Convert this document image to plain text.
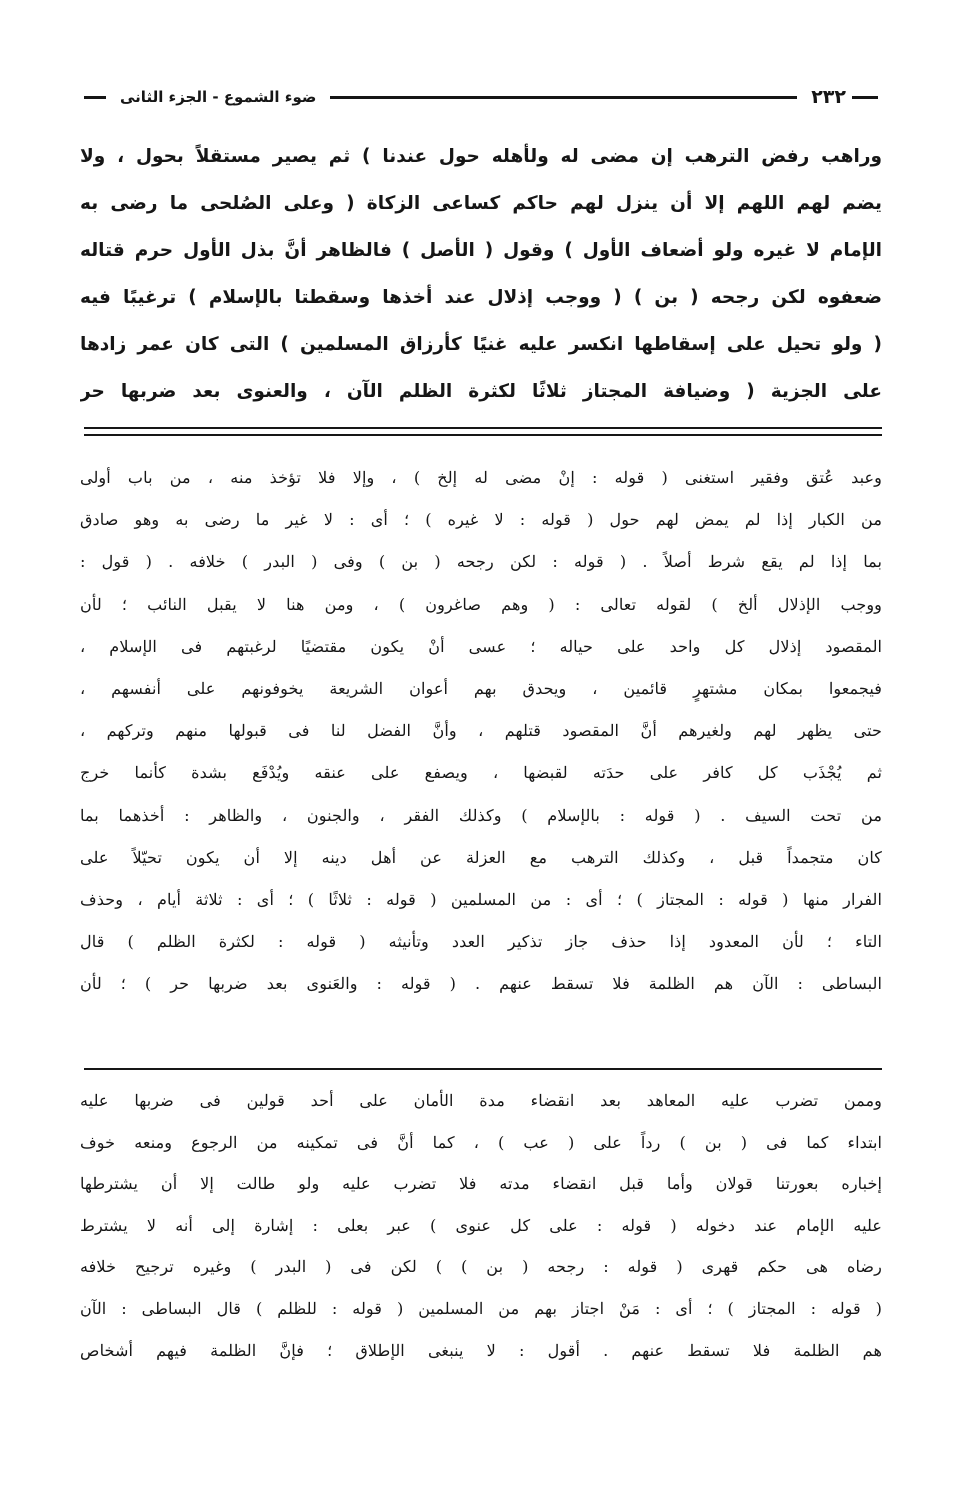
٢٣٢
ضوء الشموع - الجزء الثانى

وراهب رفض الترهب إن مضى له ولأهله حول عندنا ) ثم يصير مستقلاً بحول ، ولا

يضم لهم اللهم إلا أن ينزل لهم حاكم كساعى الزكاة ( وعلى الصُلحى ما رضى به

الإمام لا غيره ولو أضعاف الأول ) وقول ( الأصل ) فالظاهر أنَّ بذل الأول حرم قتاله

ضعفوه لكن رجحه ( بن ) ( ووجب إذلال عند أخذها وسقطتا بالإسلام ) ترغيبًا فيه

( ولو تحيل على إسقاطها انكسر عليه غنيًا كأرزاق المسلمين ) التى كان عمر زادها

على الجزية ( وضيافة المجتاز ثلاثًا لكثرة الظلم الآن ، والعنوى بعد ضربها حر

وعبد عُتق وفقير استغنى ( قوله : إنْ مضى له إلخ ) ، وإلا فلا تؤخذ منه ، من باب أولى

من الكبار إذا لم يمض لهم حول ( قوله : لا غيره ) ؛ أى : لا غير ما رضى به وهو صادق

بما إذا لم يقع شرط أصلاً . ( قوله : لكن رجحه ( بن ) وفى ( البدر ) خلافه . ( قول :

ووجب الإذلال ألخ ) لقوله تعالى : ( وهم صاغرون ) ، ومن هنا لا يقبل النائب ؛ لأن

المقصود إذلال كل واحد على حياله ؛ عسى أنْ يكون مقتضيًا لرغبتهم فى الإسلام ،

فيجمعوا بمكان مشتهرٍ قائمين ، ويحدق بهم أعوان الشريعة يخوفونهم على أنفسهم ،

حتى يظهر لهم ولغيرهم أنَّ المقصود قتلهم ، وأنَّ الفضل لنا فى قبولها منهم وتركهم ،

ثم يُجْذَب كل كافر على حدَته لقبضها ، ويصفع على عنقه ويُدْفَع بشدة كأنما خرج

من تحت السيف . ( قوله : بالإسلام ) وكذلك الفقر ، والجنون ، والظاهر : أخذهما بما

كان متجمداً قبل ، وكذلك الترهب مع العزلة عن أهل دينه إلا أن يكون تحيّلاً على

الفرار منها ( قوله : المجتاز ) ؛ أى : من المسلمين ( قوله : ثلاثًا ) ؛ أى : ثلاثة أيام ، وحذف

التاء ؛ لأن المعدود إذا حذف جاز تذكير العدد وتأنيثه ( قوله : لكثرة الظلم ) قال

البساطى : الآن هم الظلمة فلا تسقط عنهم . ( قوله : والعَنوى بعد ضربها حر ) ؛ لأن

وممن تضرب عليه المعاهد بعد انقضاء مدة الأمان على أحد قولين فى ضربها عليه

ابتداء كما فى ( بن ) رداً على ( عب ) ، كما أنَّ فى تمكينه من الرجوع ومنعه خوف

إخباره بعورتنا قولان وأما قبل انقضاء مدته فلا تضرب عليه ولو طالت إلا أن يشترطها

عليه الإمام عند دخوله ( قوله : على كل عنوى ) عبر بعلى : إشارة إلى أنه لا يشترط

رضاه هى حكم قهرى ( قوله : رجحه ( بن ) ) لكن فى ( البدر ) وغيره ترجيح خلافه

( قوله : المجتاز ) ؛ أى : مَنْ اجتاز بهم من المسلمين ( قوله : للظلم ) قال البساطى : الآن

هم الظلمة فلا تسقط عنهم . أقول : لا ينبغى الإطلاق ؛ فإنَّ الظلمة فيهم أشخاص
